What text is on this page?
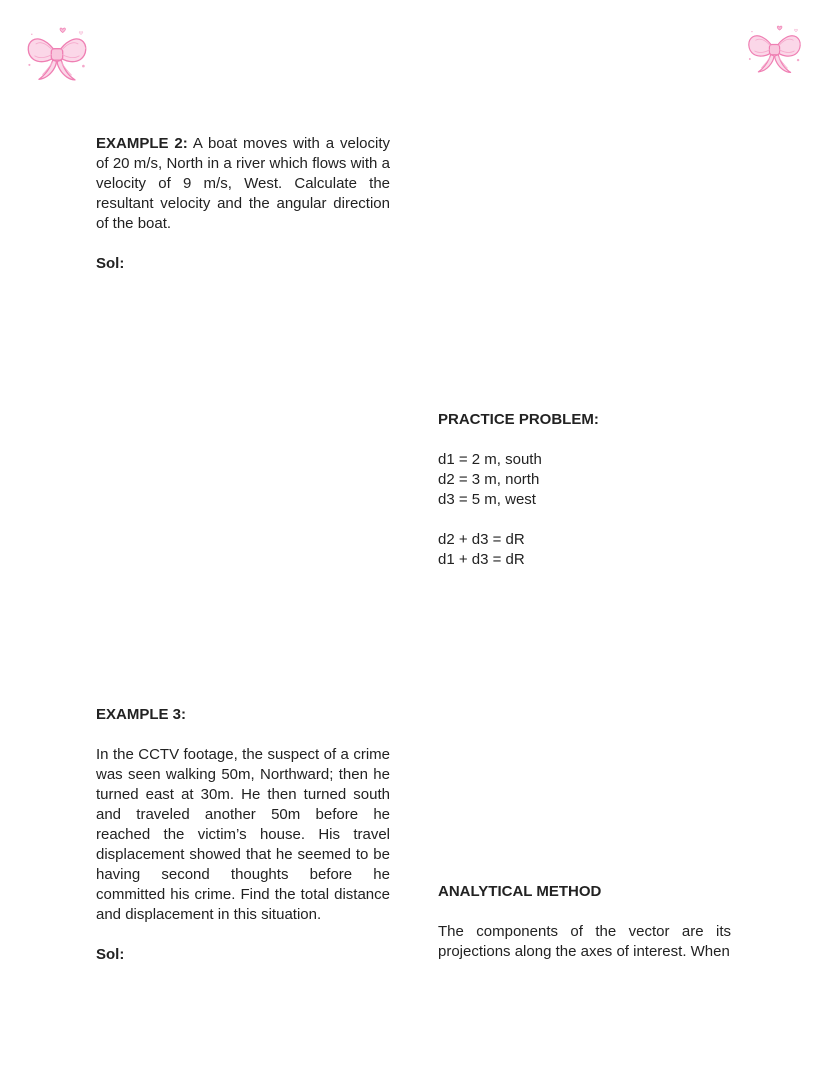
EXAMPLE 2: A boat moves with a velocity of 20 m/s, North in a river which flows with a velocity of 9 m/s, West. Calculate the resultant velocity and the angular direction of the boat.
Sol:
EXAMPLE 3:
In the CCTV footage, the suspect of a crime was seen walking 50m, Northward; then he turned east at 30m. He then turned south and traveled another 50m before he reached the victim’s house. His travel displacement showed that he seemed to be having second thoughts before he committed his crime. Find the total distance and displacement in this situation.
Sol:
PRACTICE PROBLEM:
d1 = 2 m, south
d2 = 3 m, north
d3 = 5 m, west
d2 + d3 = dR
d1 + d3 = dR
ANALYTICAL METHOD
The components of the vector are its projections along the axes of interest. When
